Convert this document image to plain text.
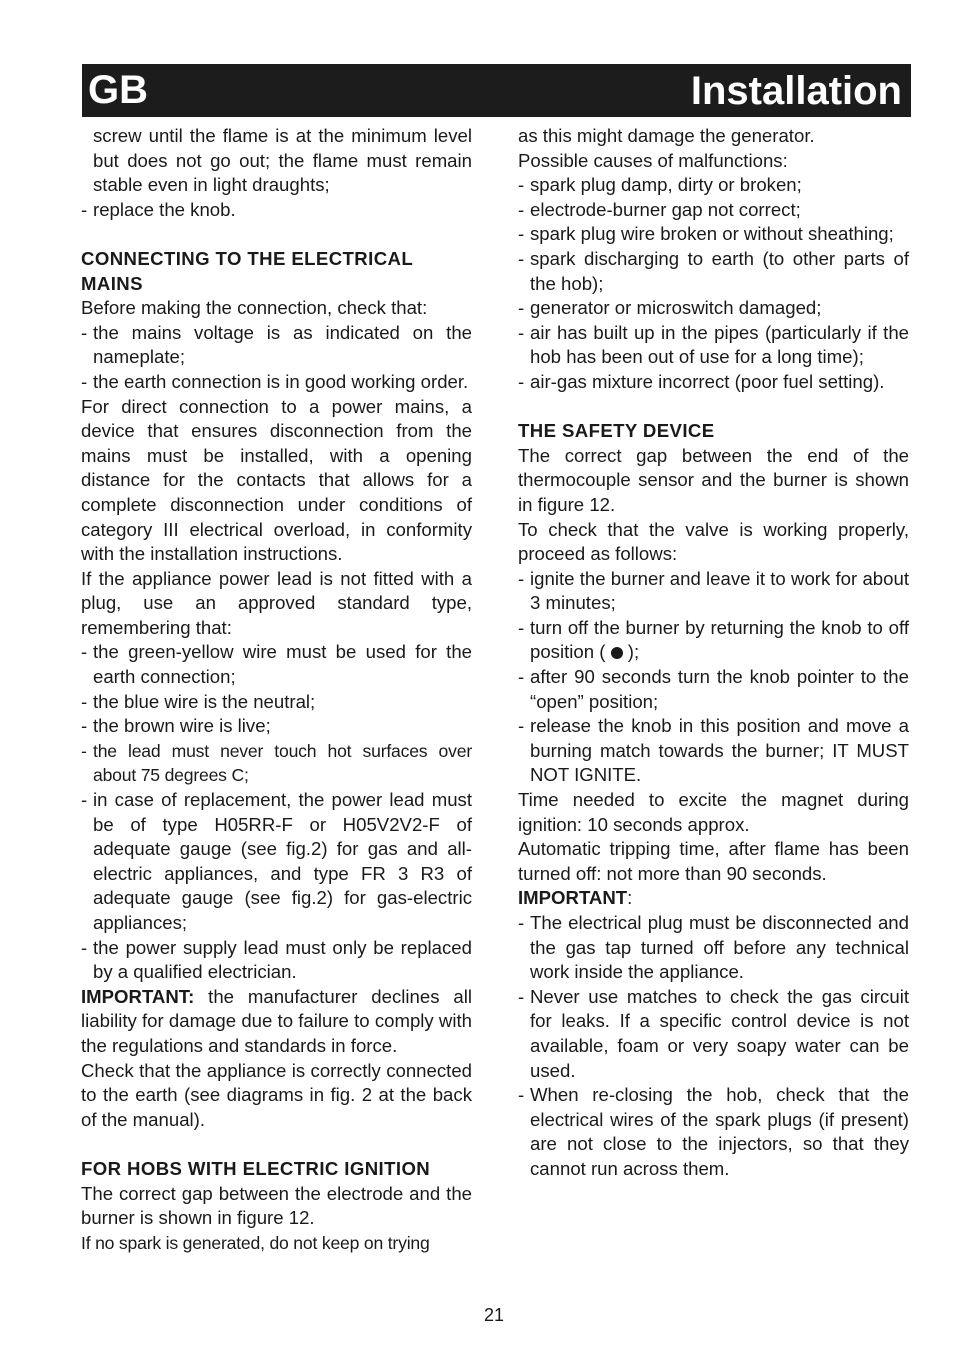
GB	Installation

screw until the flame is at the minimum level but does not go out; the flame must remain stable even in light draughts;

- replace the knob.

CONNECTING TO THE ELECTRICAL MAINS

Before making the connection, check that:

- the mains voltage is as indicated on the nameplate;

- the earth connection is in good working order.

For direct connection to a power mains, a device that ensures disconnection from the mains must be installed, with a opening distance for the contacts that allows for a complete disconnection under conditions of category III electrical overload, in conformity with the installation instructions.

If the appliance power lead is not fitted with a plug, use an approved standard type, remembering that:

- the green-yellow wire must be used for the earth connection;

- the blue wire is the neutral;

- the brown wire is live;

- the lead must never touch hot surfaces over about 75 degrees C;

- in case of replacement, the power lead must be of type H05RR-F or H05V2V2-F of adequate gauge (see fig.2) for gas and all-electric appliances, and type FR 3 R3 of adequate gauge (see fig.2) for gas-electric appliances;

- the power supply lead must only be replaced by a qualified electrician.

IMPORTANT: the manufacturer declines all liability for damage due to failure to comply with the regulations and standards in force.

Check that the appliance is correctly connected to the earth (see diagrams in fig. 2 at the back of the manual).

FOR HOBS WITH ELECTRIC IGNITION

The correct gap between the electrode and the burner is shown in figure 12.

If no spark is generated, do not keep on trying

as this might damage the generator.

Possible causes of malfunctions:

- spark plug damp, dirty or broken;

- electrode-burner gap not correct;

- spark plug wire broken or without sheathing;

- spark discharging to earth (to other parts of the hob);

- generator or microswitch damaged;

- air has built up in the pipes (particularly if the hob has been out of use for a long time);

- air-gas mixture incorrect (poor fuel setting).

THE SAFETY DEVICE

The correct gap between the end of the thermocouple sensor and the burner is shown in figure 12.

To check that the valve is working properly, proceed as follows:

- ignite the burner and leave it to work for about 3 minutes;

- turn off the burner by returning the knob to off position (  );

- after 90 seconds turn the knob pointer to the “open” position;

- release the knob in this position and move a burning match towards the burner; IT MUST NOT IGNITE.

Time needed to excite the magnet during ignition: 10 seconds approx.

Automatic tripping time, after flame has been turned off: not more than 90 seconds.

IMPORTANT:

- The electrical plug must be disconnected and the gas tap turned off before any technical work inside the appliance.

- Never use matches to check the gas circuit for leaks. If a specific control device is not available, foam or very soapy water can be used.

- When re-closing the hob, check that the electrical wires of the spark plugs (if present) are not close to the injectors, so that they cannot run across them.

21
